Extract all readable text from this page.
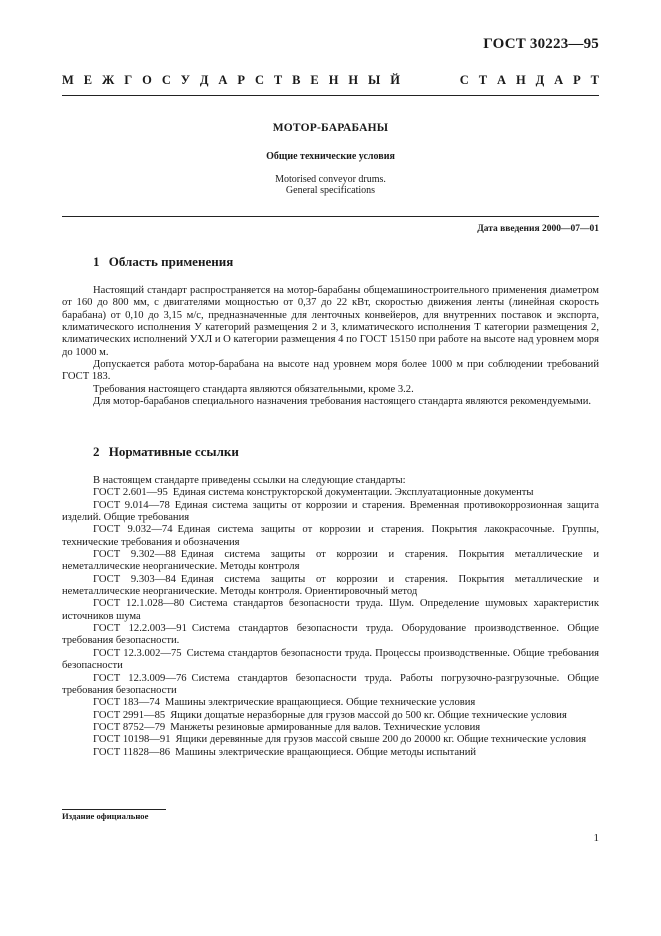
ГОСТ 30223—95
М Е Ж Г О С У Д А Р С Т В Е Н Н Ы Й	С Т А Н Д А Р Т
МОТОР-БАРАБАНЫ
Общие технические условия
Motorised conveyor drums.
General specifications
Дата введения 2000—07—01
1 Область применения

Настоящий стандарт распространяется на мотор-барабаны общемашиностроительного применения диаметром от 160 до 800 мм, с двигателями мощностью от 0,37 до 22 кВт, скоростью движения ленты (линейная скорость барабана) от 0,10 до 3,15 м/с, предназначенные для ленточных конвейеров, для внутренних поставок и экспорта, климатического исполнения У категорий размещения 2 и 3, климатического исполнения Т категории размещения 2, климатических исполнений УХЛ и О категории размещения 4 по ГОСТ 15150 при работе на высоте над уровнем моря до 1000 м.

Допускается работа мотор-барабана на высоте над уровнем моря более 1000 м при соблюдении требований ГОСТ 183.

Требования настоящего стандарта являются обязательными, кроме 3.2.

Для мотор-барабанов специального назначения требования настоящего стандарта являются рекомендуемыми.

2 Нормативные ссылки

В настоящем стандарте приведены ссылки на следующие стандарты:

ГОСТ 2.601—95 Единая система конструкторской документации. Эксплуатационные документы

ГОСТ 9.014—78 Единая система защиты от коррозии и старения. Временная противокоррозионная защита изделий. Общие требования

ГОСТ 9.032—74 Единая система защиты от коррозии и старения. Покрытия лакокрасочные. Группы, технические требования и обозначения

ГОСТ 9.302—88 Единая система защиты от коррозии и старения. Покрытия металлические и неметаллические неорганические. Методы контроля

ГОСТ 9.303—84 Единая система защиты от коррозии и старения. Покрытия металлические и неметаллические неорганические. Методы контроля. Ориентировочный метод

ГОСТ 12.1.028—80 Система стандартов безопасности труда. Шум. Определение шумовых характеристик источников шума

ГОСТ 12.2.003—91 Система стандартов безопасности труда. Оборудование производственное. Общие требования безопасности.

ГОСТ 12.3.002—75 Система стандартов безопасности труда. Процессы производственные. Общие требования безопасности

ГОСТ 12.3.009—76 Система стандартов безопасности труда. Работы погрузочно-разгрузочные. Общие требования безопасности

ГОСТ 183—74 Машины электрические вращающиеся. Общие технические условия

ГОСТ 2991—85 Ящики дощатые неразборные для грузов массой до 500 кг. Общие технические условия

ГОСТ 8752—79 Манжеты резиновые армированные для валов. Технические условия

ГОСТ 10198—91 Ящики деревянные для грузов массой свыше 200 до 20000 кг. Общие технические условия

ГОСТ 11828—86 Машины электрические вращающиеся. Общие методы испытаний

Издание официальное
1
